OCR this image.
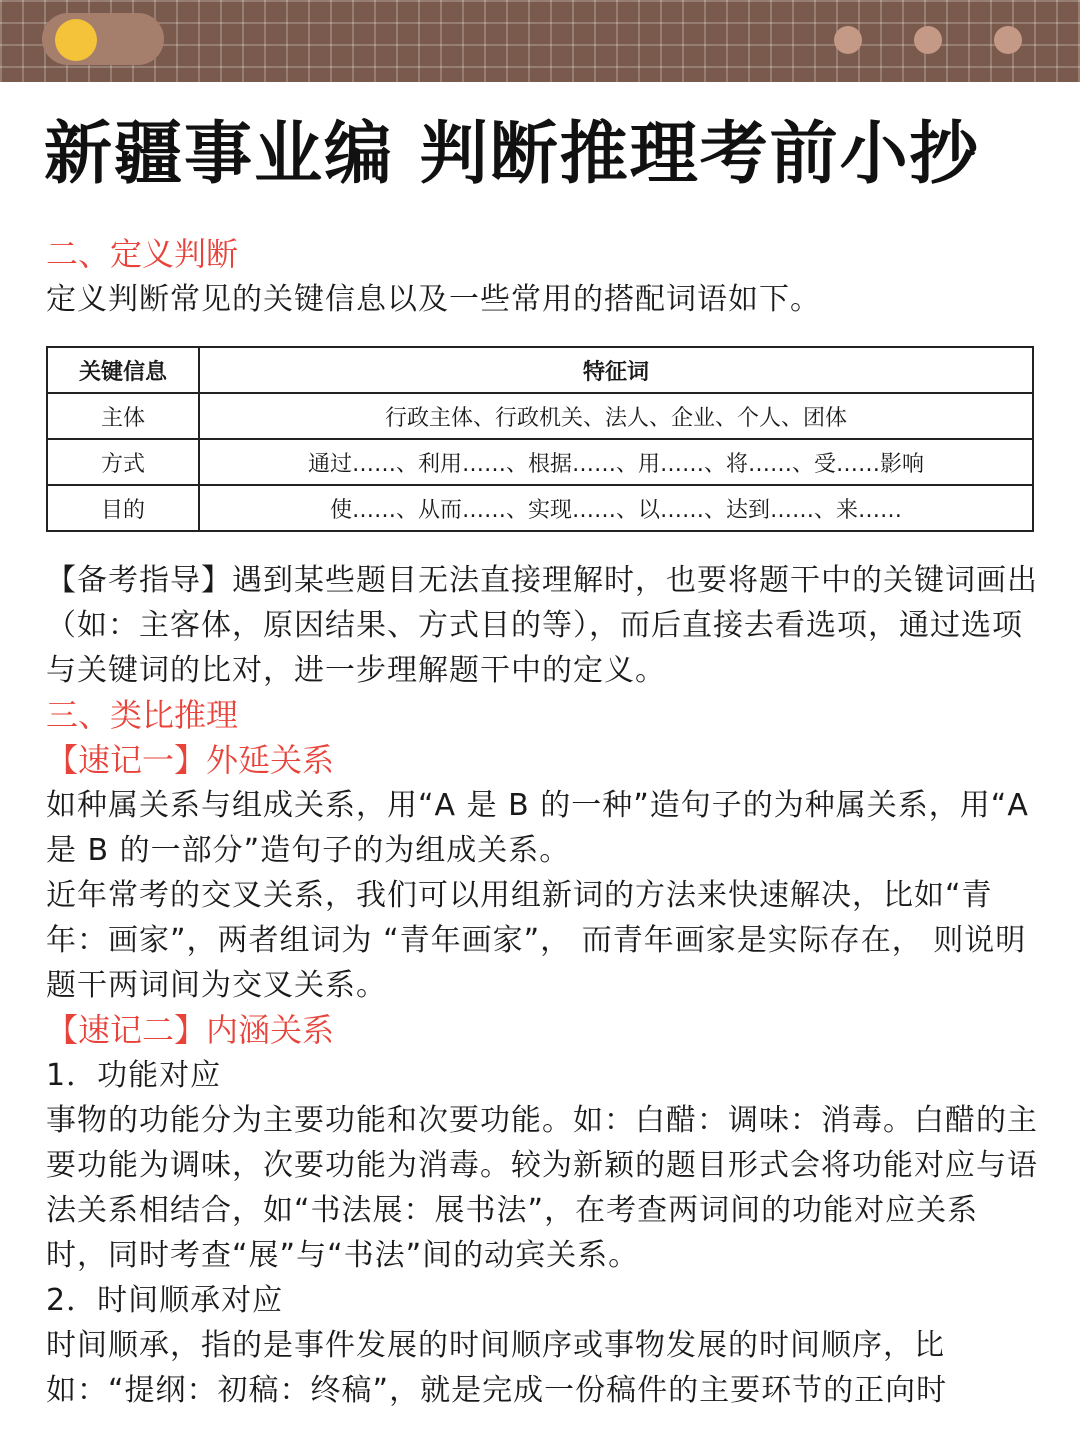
新疆事业编 判断推理考前小抄

二、定义判断

定义判断常见的关键信息以及一些常用的搭配词语如下。

关键信息	特征词
主体	行政主体、行政机关、法人、企业、个人、团体
方式	通过……、利用……、根据……、用……、将……、受……影响
目的	使……、从而……、实现……、以……、达到……、来……

【备考指导】遇到某些题目无法直接理解时，也要将题干中的关键词画出（如：主客体，原因结果、方式目的等），而后直接去看选项，通过选项与关键词的比对，进一步理解题干中的定义。

三、类比推理

【速记一】外延关系

如种属关系与组成关系，用“A 是 B 的一种”造句子的为种属关系，用“A 是 B 的一部分”造句子的为组成关系。

近年常考的交叉关系，我们可以用组新词的方法来快速解决，比如“青年：画家”，两者组词为 “青年画家”， 而青年画家是实际存在， 则说明题干两词间为交叉关系。

【速记二】内涵关系

1．功能对应

事物的功能分为主要功能和次要功能。如：白醋：调味：消毒。白醋的主要功能为调味，次要功能为消毒。较为新颖的题目形式会将功能对应与语法关系相结合，如“书法展：展书法”，在考查两词间的功能对应关系时，同时考查“展”与“书法”间的动宾关系。

2．时间顺承对应

时间顺承，指的是事件发展的时间顺序或事物发展的时间顺序，比如：“提纲：初稿：终稿”，就是完成一份稿件的主要环节的正向时
